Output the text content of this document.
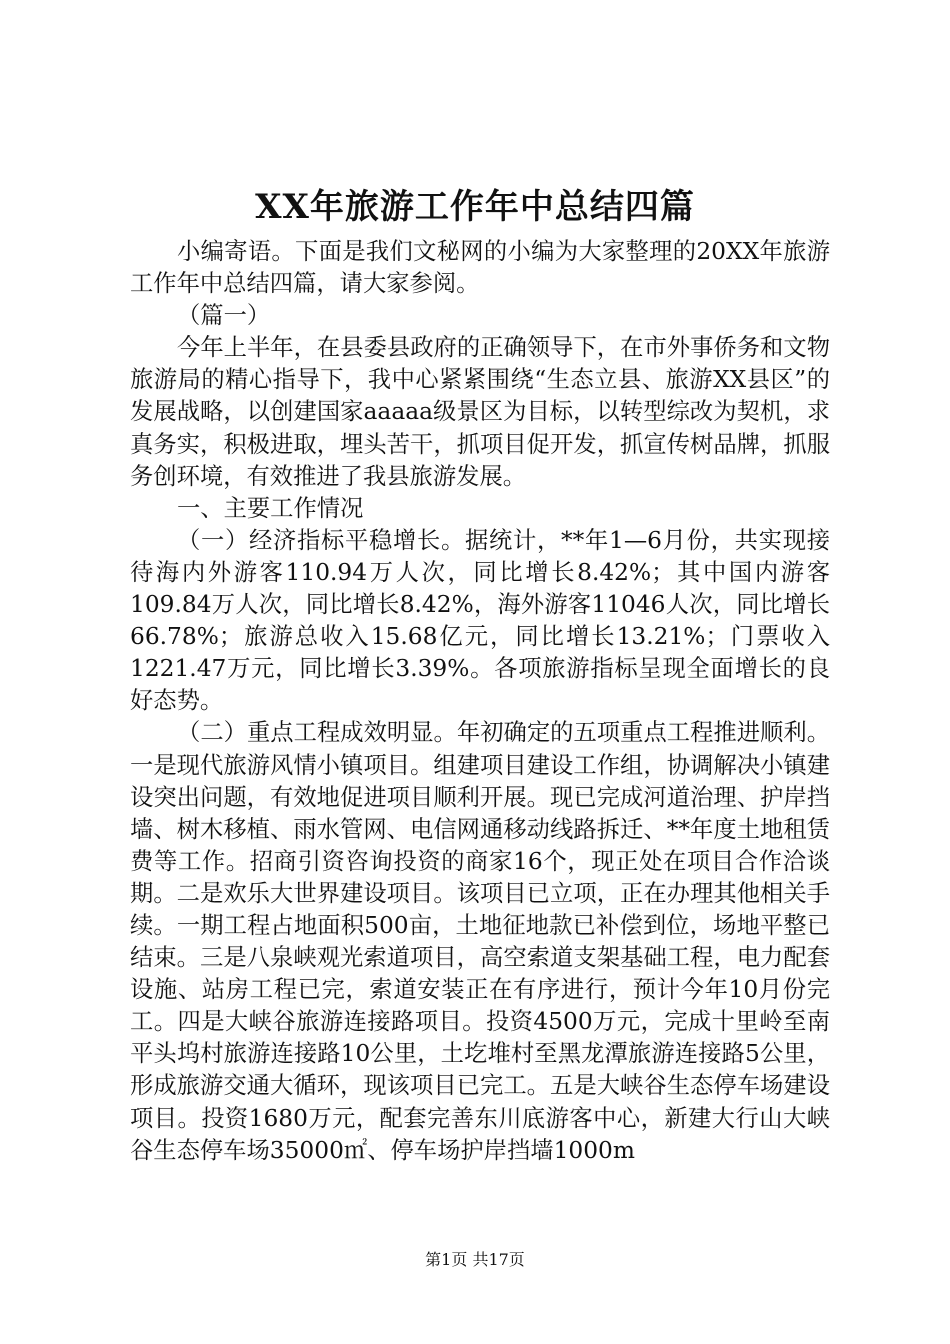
XX年旅游工作年中总结四篇

小编寄语。下面是我们文秘网的小编为大家整理的20XX年旅游工作年中总结四篇，请大家参阅。

（篇一）

今年上半年，在县委县政府的正确领导下，在市外事侨务和文物旅游局的精心指导下，我中心紧紧围绕“生态立县、旅游XX县区”的发展战略，以创建国家aaaaa级景区为目标，以转型综改为契机，求真务实，积极进取，埋头苦干，抓项目促开发，抓宣传树品牌，抓服务创环境，有效推进了我县旅游发展。

一、主要工作情况

（一）经济指标平稳增长。据统计，**年1—6月份，共实现接待海内外游客110.94万人次，同比增长8.42%；其中国内游客109.84万人次，同比增长8.42%，海外游客11046人次，同比增长66.78%；旅游总收入15.68亿元，同比增长13.21%；门票收入1221.47万元，同比增长3.39%。各项旅游指标呈现全面增长的良好态势。

（二）重点工程成效明显。年初确定的五项重点工程推进顺利。一是现代旅游风情小镇项目。组建项目建设工作组，协调解决小镇建设突出问题，有效地促进项目顺利开展。现已完成河道治理、护岸挡墙、树木移植、雨水管网、电信网通移动线路拆迁、**年度土地租赁费等工作。招商引资咨询投资的商家16个，现正处在项目合作洽谈期。二是欢乐大世界建设项目。该项目已立项，正在办理其他相关手续。一期工程占地面积500亩，土地征地款已补偿到位，场地平整已结束。三是八泉峡观光索道项目，高空索道支架基础工程，电力配套设施、站房工程已完，索道安装正在有序进行，预计今年10月份完工。四是大峡谷旅游连接路项目。投资4500万元，完成十里岭至南平头坞村旅游连接路10公里，土圪堆村至黑龙潭旅游连接路5公里，形成旅游交通大循环，现该项目已完工。五是大峡谷生态停车场建设项目。投资1680万元，配套完善东川底游客中心，新建大行山大峡谷生态停车场35000㎡、停车场护岸挡墙1000m

第1页 共17页
